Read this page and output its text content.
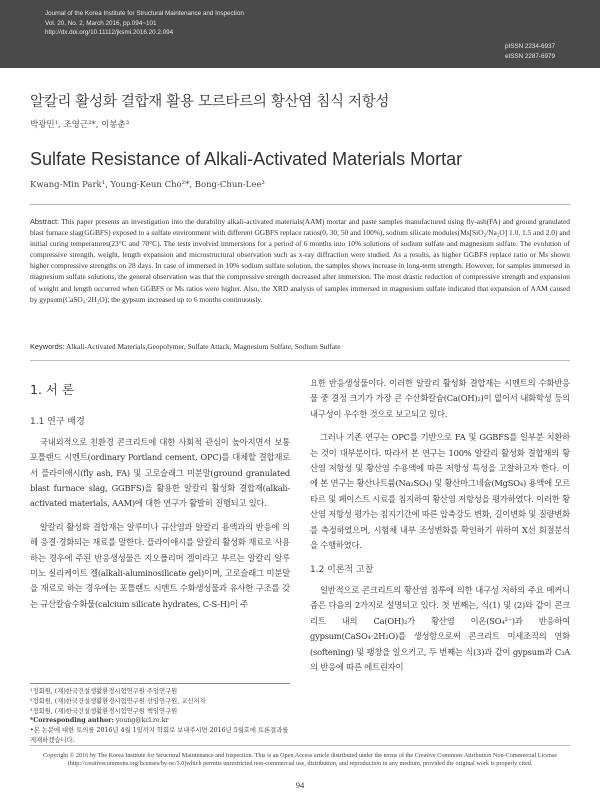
Journal of the Korea Institute for Structural Maintenance and Inspection
Vol. 20, No. 2, March 2016, pp.094~101
http://dx.doi.org/10.11112/jksmi.2016.20.2.094
pISSN 2234-6937
eISSN 2287-6979
알칼리 활성화 결합재 활용 모르타르의 황산염 침식 저항성
박광민¹, 조영근²*, 이봉춘³
Sulfate Resistance of Alkali-Activated Materials Mortar
Kwang-Min Park¹, Young-Keun Cho²*, Bong-Chun-Lee³
Abstract: This paper presents an investigation into the durability alkali-activated materials(AAM) mortar and paste samples manufactured using fly-ash(FA) and ground granulated blast furnace slag(GGBFS) exposed to a sulfate environment with different GGBFS replace ratios(0, 30, 50 and 100%), sodium silicate modules(Ms[SiO₂/Na₂O] 1.0, 1.5 and 2.0) and initial curing temperatures(23°C and 70°C). The tests involved immersions for a period of 6 months into 10% solutions of sodium sulfate and magnesium sulfate. The evolution of compressive strength, weight, length expansion and microstructural observation such as x-ray diffraction were studied. As a results, as higher GGBFS replace ratio or Ms shown higher compressive strengths on 28 days. In case of immersed in 10% sodium sulfate solution, the samples shows increase in long-term strength. However, for samples immersed in magnesium sulfate solutions, the general observation was that the compressive strength decreased after immersion. The most drastic reduction of compressive strength and expansion of weight and length occurred when GGBFS or Ms ratios were higher. Also, the XRD analysis of samples immersed in magnesium sulfate indicated that expansion of AAM caused by gypsum(CaSO₄·2H₂O); the gypsum increased up to 6 months continuously.
Keywords: Alkali-Activated Materials,Geopolymer, Sulfate Attack, Magnesium Sulfate, Sodium Sulfate
1. 서 론
1.1 연구 배경
국내외적으로 친환경 콘크리트에 대한 사회적 관심이 높아지면서 보통 포틀랜드 시멘트(ordinary Portland cement, OPC)를 대체할 결합재로서 플라이애시(fly ash, FA) 및 고로슬래그 미분말(ground granulated blast furnace slag, GGBFS)을 활용한 알칼리 활성화 결합재(alkali-activated materials, AAM)에 대한 연구가 활발히 진행되고 있다.
알칼리 활성화 결합재는 알루미나 규산염과 알칼리 용액과의 반응에 의해 응결·경화되는 재료를 말한다. 플라이애시를 알칼리 활성화 재료로 사용하는 경우에 주된 반응생성물은 지오폴리머 겔이라고 부르는 알칼리 알루미노 실리케이트 겔(alkali-aluminosilicate gel)이며, 고로슬래그 미분말을 재료로 하는 경우에는 포틀랜드 시멘트 수화생성물과 유사한 구조를 갖는 규산칼슘수화물(calcium silicate hydrates, C-S-H)이 주
요한 반응생성물이다. 이러한 알칼리 활성화 결합재는 시멘트의 수화반응물 중 결정 크기가 가장 큰 수산화칼슘(Ca(OH)₂)이 없어서 내화학성 등의 내구성이 우수한 것으로 보고되고 있다.
그러나 기존 연구는 OPC를 기반으로 FA 및 GGBFS를 일부분 치환하는 것이 대부분이다. 따라서 본 연구는 100% 알칼리 활성화 결합재의 황산염 저항성 및 황산염 수용액에 따른 저항성 특성을 고찰하고자 한다. 이에 본 연구는 황산나트륨(Na₂SO₄) 및 황산마그네슘(MgSO₄) 용액에 모르타르 및 페이스트 시료를 침지하여 황산염 저항성을 평가하였다. 이러한 황산염 저항성 평가는 침지기간에 따른 압축강도 변화, 길이변화 및 질량변화를 측정하였으며, 시험체 내부 조성변화를 확인하기 위하여 X선 회절분석을 수행하였다.
1.2 이론적 고찰
일반적으로 콘크리트의 황산염 침투에 의한 내구성 저하의 주요 메커니즘은 다음의 2가지로 설명되고 있다. 첫 번째는, 식(1) 및 (2)와 같이 콘크리트 내의 Ca(OH)₂가 황산염 이온(SO₄²⁻)과 반응하여 gypsum(CaSO₄·2H₂O)를 생성함으로써 콘크리트 미세조직의 연화(softening) 및 팽창을 일으키고, 두 번째는 식(3)과 같이 gypsum과 C₃A의 반응에 따른 에트린자이
¹정회원, (재)한국건설생활환경시험연구원 주임연구원
²정회원, (재)한국건설생활환경시험연구원 선임연구원, 교신저자
³정회원, (재)한국건설생활환경시험연구원 책임연구원
*Corresponding author: young@kcl.re.kr
•본 논문에 대한 토의를 2016년 4월 1일까지 학회로 보내주시면 2016년 5월호에 토론결과를 게재하겠습니다.
Copyright © 2016 by The Korea Institute for Structural Maintenance and Inspection. This is an Open Access article distributed under the terms of the Creative Commons Attribution Non-Commercial License (http://creativecommons.org/licenses/by-nc/3.0)which permits unrestricted non-commercial use, distribution, and reproduction in any medium, provided the original work is properly cited.
94
